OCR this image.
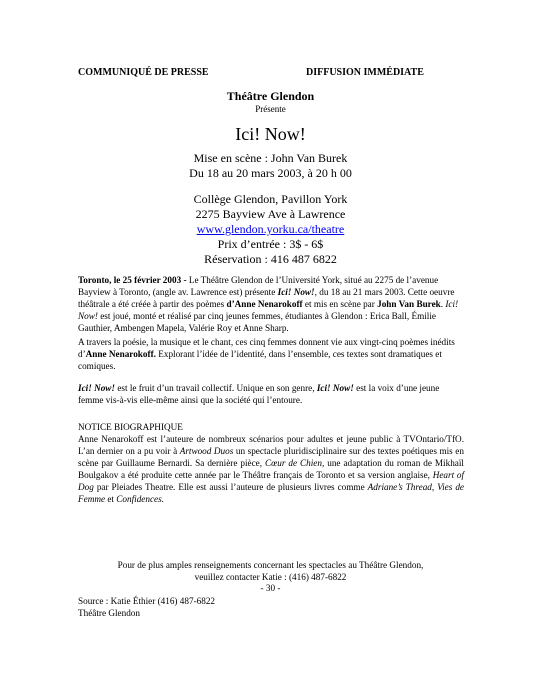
COMMUNIQUÉ DE PRESSE	DIFFUSION IMMÉDIATE
Théâtre Glendon
Présente
Ici! Now!
Mise en scène : John Van Burek
Du 18 au 20 mars 2003, à 20 h 00
Collège Glendon, Pavillon York
2275 Bayview Ave à Lawrence
www.glendon.yorku.ca/theatre
Prix d’entrée : 3$ - 6$
Réservation : 416 487 6822

Toronto, le 25 février 2003 - Le Théâtre Glendon de l’Université York, situé au 2275 de l’avenue Bayview à Toronto, (angle av. Lawrence est) présente Ici! Now!, du 18 au 21 mars 2003. Cette oeuvre théâtrale a été créée à partir des poèmes d’Anne Nenarokoff et mis en scène par John Van Burek. Ici! Now! est joué, monté et réalisé par cinq jeunes femmes, étudiantes à Glendon : Erica Ball, Émilie Gauthier, Ambengen Mapela, Valérie Roy et Anne Sharp.

A travers la poésie, la musique et le chant, ces cinq femmes donnent vie aux vingt-cinq poèmes inédits d’Anne Nenarokoff. Explorant l’idée de l’identité, dans l’ensemble, ces textes sont dramatiques et comiques.

Ici! Now! est le fruit d’un travail collectif. Unique en son genre, Ici! Now! est la voix d’une jeune femme vis-à-vis elle-même ainsi que la société qui l’entoure.

NOTICE BIOGRAPHIQUE

Anne Nenarokoff est l’auteure de nombreux scénarios pour adultes et jeune public à TVOntario/TfO. L’an dernier on a pu voir à Artwood Duos un spectacle pluridisciplinaire sur des textes poétiques mis en scène par Guillaume Bernardi. Sa dernière pièce, Cœur de Chien, une adaptation du roman de Mikhaïl Boulgakov a été produite cette année par le Théâtre français de Toronto et sa version anglaise, Heart of Dog par Pleiades Theatre. Elle est aussi l’auteure de plusieurs livres comme Adriane’s Thread, Vies de Femme et Confidences.

Pour de plus amples renseignements concernant les spectacles au Théâtre Glendon,
veuillez contacter Katie : (416) 487-6822
- 30 -
Source : Katie Éthier (416) 487-6822
Théâtre Glendon
